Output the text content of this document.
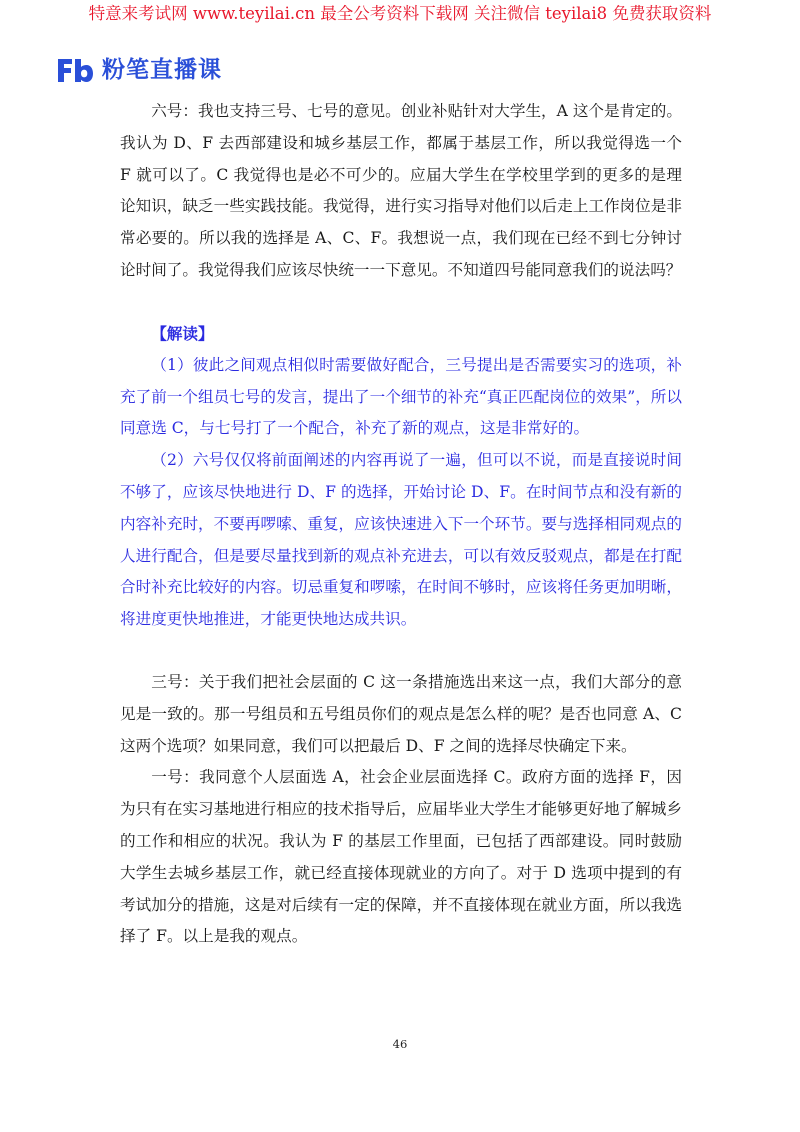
特意来考试网 www.teyilai.cn 最全公考资料下载网 关注微信 teyilai8 免费获取资料
粉笔直播课

六号：我也支持三号、七号的意见。创业补贴针对大学生，A 这个是肯定的。我认为 D、F 去西部建设和城乡基层工作，都属于基层工作，所以我觉得选一个 F 就可以了。C 我觉得也是必不可少的。应届大学生在学校里学到的更多的是理论知识，缺乏一些实践技能。我觉得，进行实习指导对他们以后走上工作岗位是非常必要的。所以我的选择是 A、C、F。我想说一点，我们现在已经不到七分钟讨论时间了。我觉得我们应该尽快统一一下意见。不知道四号能同意我们的说法吗？

【解读】

（1）彼此之间观点相似时需要做好配合，三号提出是否需要实习的选项，补充了前一个组员七号的发言，提出了一个细节的补充“真正匹配岗位的效果”，所以同意选 C，与七号打了一个配合，补充了新的观点，这是非常好的。

（2）六号仅仅将前面阐述的内容再说了一遍，但可以不说，而是直接说时间不够了，应该尽快地进行 D、F 的选择，开始讨论 D、F。在时间节点和没有新的内容补充时，不要再啰嗦、重复，应该快速进入下一个环节。要与选择相同观点的人进行配合，但是要尽量找到新的观点补充进去，可以有效反驳观点，都是在打配合时补充比较好的内容。切忌重复和啰嗦，在时间不够时，应该将任务更加明晰，将进度更快地推进，才能更快地达成共识。

三号：关于我们把社会层面的 C 这一条措施选出来这一点，我们大部分的意见是一致的。那一号组员和五号组员你们的观点是怎么样的呢？是否也同意 A、C 这两个选项？如果同意，我们可以把最后 D、F 之间的选择尽快确定下来。

一号：我同意个人层面选 A，社会企业层面选择 C。政府方面的选择 F，因为只有在实习基地进行相应的技术指导后，应届毕业大学生才能够更好地了解城乡的工作和相应的状况。我认为 F 的基层工作里面，已包括了西部建设。同时鼓励大学生去城乡基层工作，就已经直接体现就业的方向了。对于 D 选项中提到的有考试加分的措施，这是对后续有一定的保障，并不直接体现在就业方面，所以我选择了 F。以上是我的观点。

46
